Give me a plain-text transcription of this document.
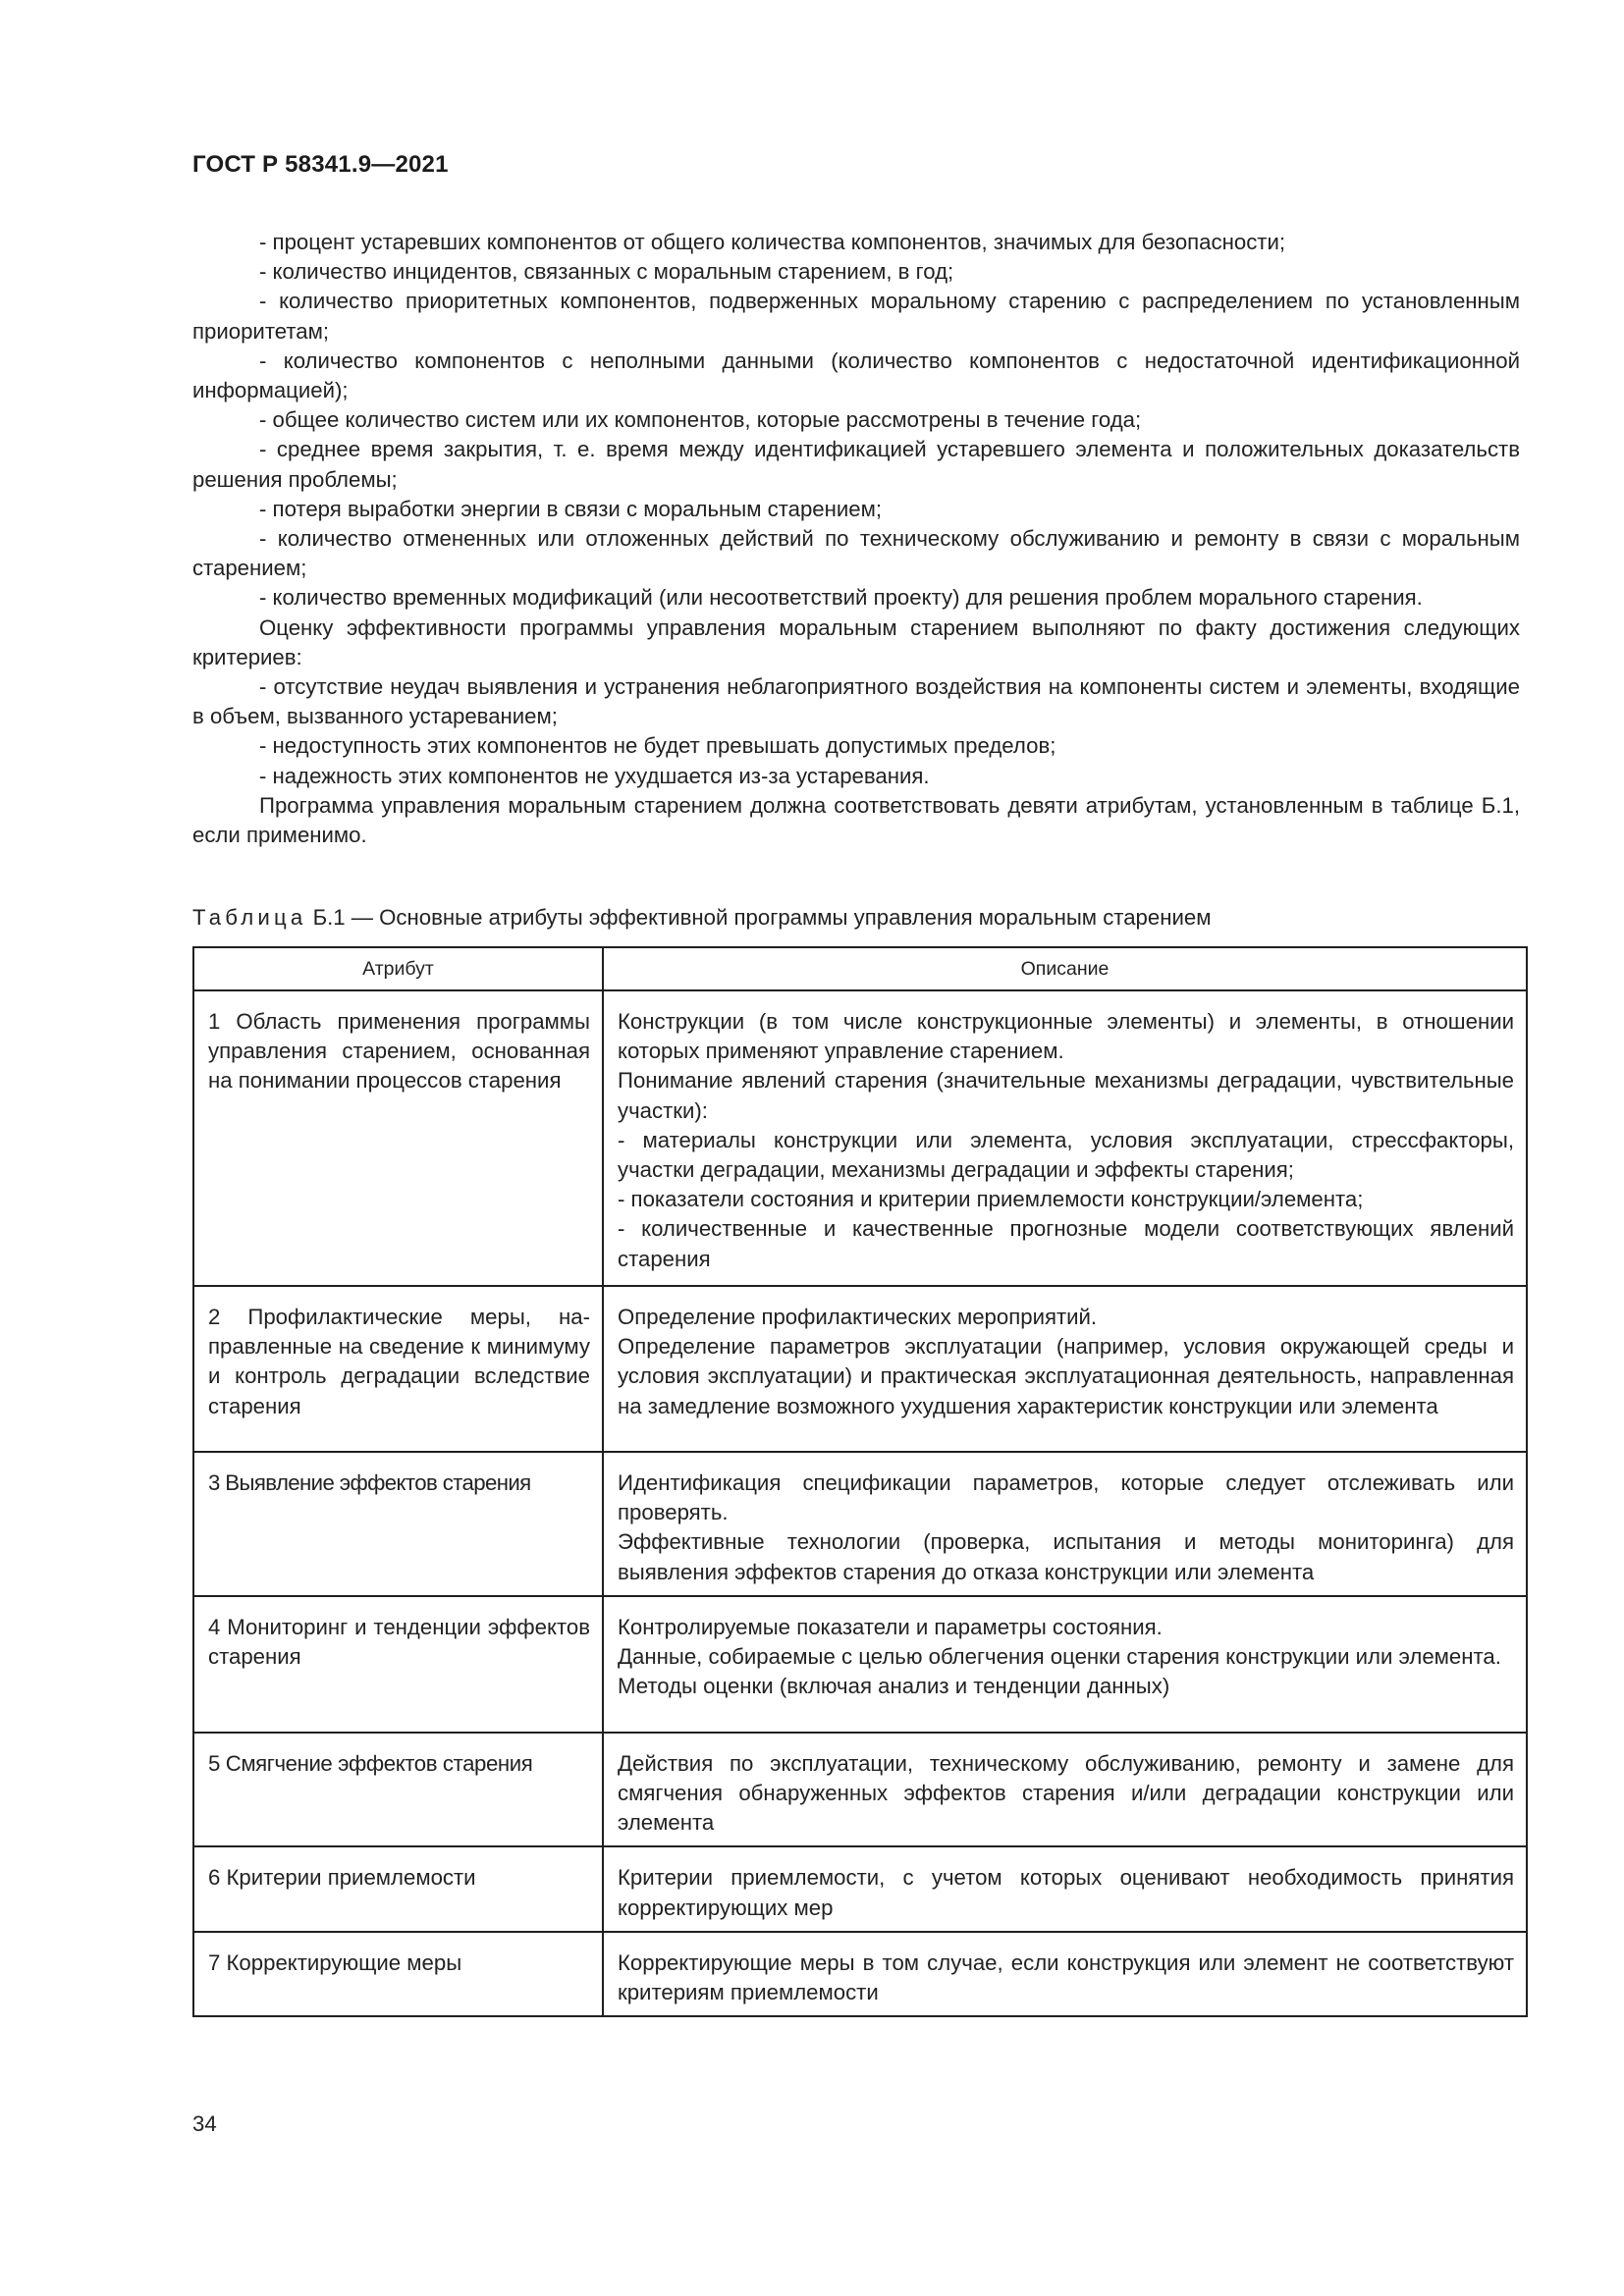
ГОСТ Р 58341.9—2021

- процент устаревших компонентов от общего количества компонентов, значимых для безопасности;

- количество инцидентов, связанных с моральным старением, в год;

- количество приоритетных компонентов, подверженных моральному старению с распределением по установленным приоритетам;

- количество компонентов с неполными данными (количество компонентов с недостаточной идентификационной информацией);

- общее количество систем или их компонентов, которые рассмотрены в течение года;

- среднее время закрытия, т. е. время между идентификацией устаревшего элемента и положительных доказательств решения проблемы;

- потеря выработки энергии в связи с моральным старением;

- количество отмененных или отложенных действий по техническому обслуживанию и ремонту в связи с моральным старением;

- количество временных модификаций (или несоответствий проекту) для решения проблем морального старения.

Оценку эффективности программы управления моральным старением выполняют по факту достижения следующих критериев:

- отсутствие неудач выявления и устранения неблагоприятного воздействия на компоненты систем и элементы, входящие в объем, вызванного устареванием;

- недоступность этих компонентов не будет превышать допустимых пределов;

- надежность этих компонентов не ухудшается из-за устаревания.

Программа управления моральным старением должна соответствовать девяти атрибутам, установленным в таблице Б.1, если применимо.

Таблица Б.1 — Основные атрибуты эффективной программы управления моральным старением
Атрибут	Описание
1 Область применения программы управления старением, основанная на понимании процессов старения	Конструкции (в том числе конструкционные элементы) и элементы, в отношении которых применяют управление старением.
Понимание явлений старения (значительные механизмы деградации, чувствительные участки):
- материалы конструкции или элемента, условия эксплуатации, стрессфакторы, участки деградации, механизмы деградации и эффекты старения;
- показатели состояния и критерии приемлемости конструкции/элемента;
- количественные и качественные прогнозные модели соответствующих явлений старения

2 Профилактические меры, направленные на сведение к минимуму и контроль деградации вследствие старения	Определение профилактических мероприятий.
Определение параметров эксплуатации (например, условия окружающей среды и условия эксплуатации) и практическая эксплуатационная деятельность, направленная на замедление возможного ухудшения характеристик конструкции или элемента

3 Выявление эффектов старения	Идентификация спецификации параметров, которые следует отслеживать или проверять.
Эффективные технологии (проверка, испытания и методы мониторинга) для выявления эффектов старения до отказа конструкции или элемента

4 Мониторинг и тенденции эффектов старения	Контролируемые показатели и параметры состояния.
Данные, собираемые с целью облегчения оценки старения конструкции или элемента.
Методы оценки (включая анализ и тенденции данных)

5 Смягчение эффектов старения	Действия по эксплуатации, техническому обслуживанию, ремонту и замене для смягчения обнаруженных эффектов старения и/или деградации конструкции или элемента

6 Критерии приемлемости	Критерии приемлемости, с учетом которых оценивают необходимость принятия корректирующих мер

7 Корректирующие меры	Корректирующие меры в том случае, если конструкция или элемент не соответствуют критериям приемлемости
34
